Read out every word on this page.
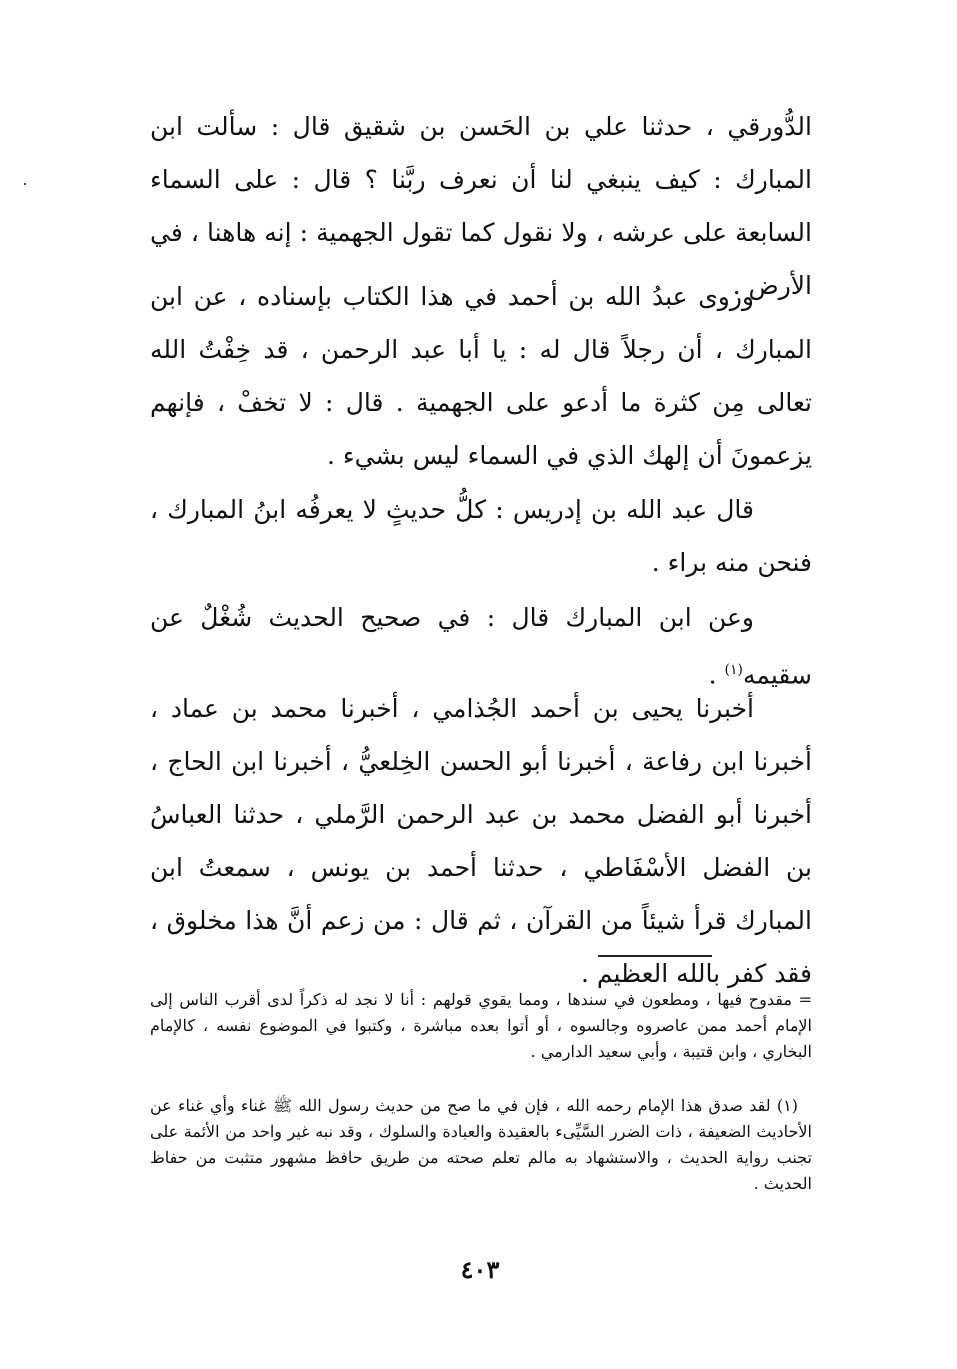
الدُّورقي ، حدثنا علي بن الحَسن بن شقيق قال : سألت ابن المبارك : كيف ينبغي لنا أن نعرف ربَّنا ؟ قال : على السماء السابعة على عرشه ، ولا نقول كما تقول الجهمية : إنه هاهنا ، في الأرض .

وروى عبدُ الله بن أحمد في هذا الكتاب بإسناده ، عن ابن المبارك ، أن رجلاً قال له : يا أبا عبد الرحمن ، قد خِفْتُ الله تعالى مِن كثرة ما أدعو على الجهمية . قال : لا تخفْ ، فإنهم يزعمونَ أن إلهك الذي في السماء ليس بشيء .

قال عبد الله بن إدريس : كلُّ حديثٍ لا يعرفُه ابنُ المبارك ، فنحن منه براء .

وعن ابن المبارك قال : في صحيح الحديث شُغْلٌ عن سقيمه$^{(١)}$ .

أخبرنا يحيى بن أحمد الجُذامي ، أخبرنا محمد بن عماد ، أخبرنا ابن رفاعة ، أخبرنا أبو الحسن الخِلعيُّ ، أخبرنا ابن الحاج ، أخبرنا أبو الفضل محمد بن عبد الرحمن الرَّملي ، حدثنا العباسُ بن الفضل الأسْفَاطي ، حدثنا أحمد بن يونس ، سمعتُ ابن المبارك قرأ شيئاً من القرآن ، ثم قال : من زعم أنَّ هذا مخلوق ، فقد كفر بالله العظيم .

= مقدوح فيها ، ومطعون في سندها ، ومما يقوي قولهم : أنا لا نجد له ذكراً لدى أقرب الناس إلى الإمام أحمد ممن عاصروه وجالسوه ، أو أتوا بعده مباشرة ، وكتبوا في الموضوع نفسه ، كالإمام البخاري ، وابن قتيبة ، وأبي سعيد الدارمي .

(١) لقد صدق هذا الإمام رحمه الله ، فإن في ما صح من حديث رسول الله ﷺ غناء وأي غناء عن الأحاديث الضعيفة ، ذات الضرر السَّيِّىء بالعقيدة والعبادة والسلوك ، وقد نبه غير واحد من الأئمة على تجنب رواية الحديث ، والاستشهاد به مالم تعلم صحته من طريق حافظ مشهور متثبت من حفاظ الحديث .

٤٠٣
